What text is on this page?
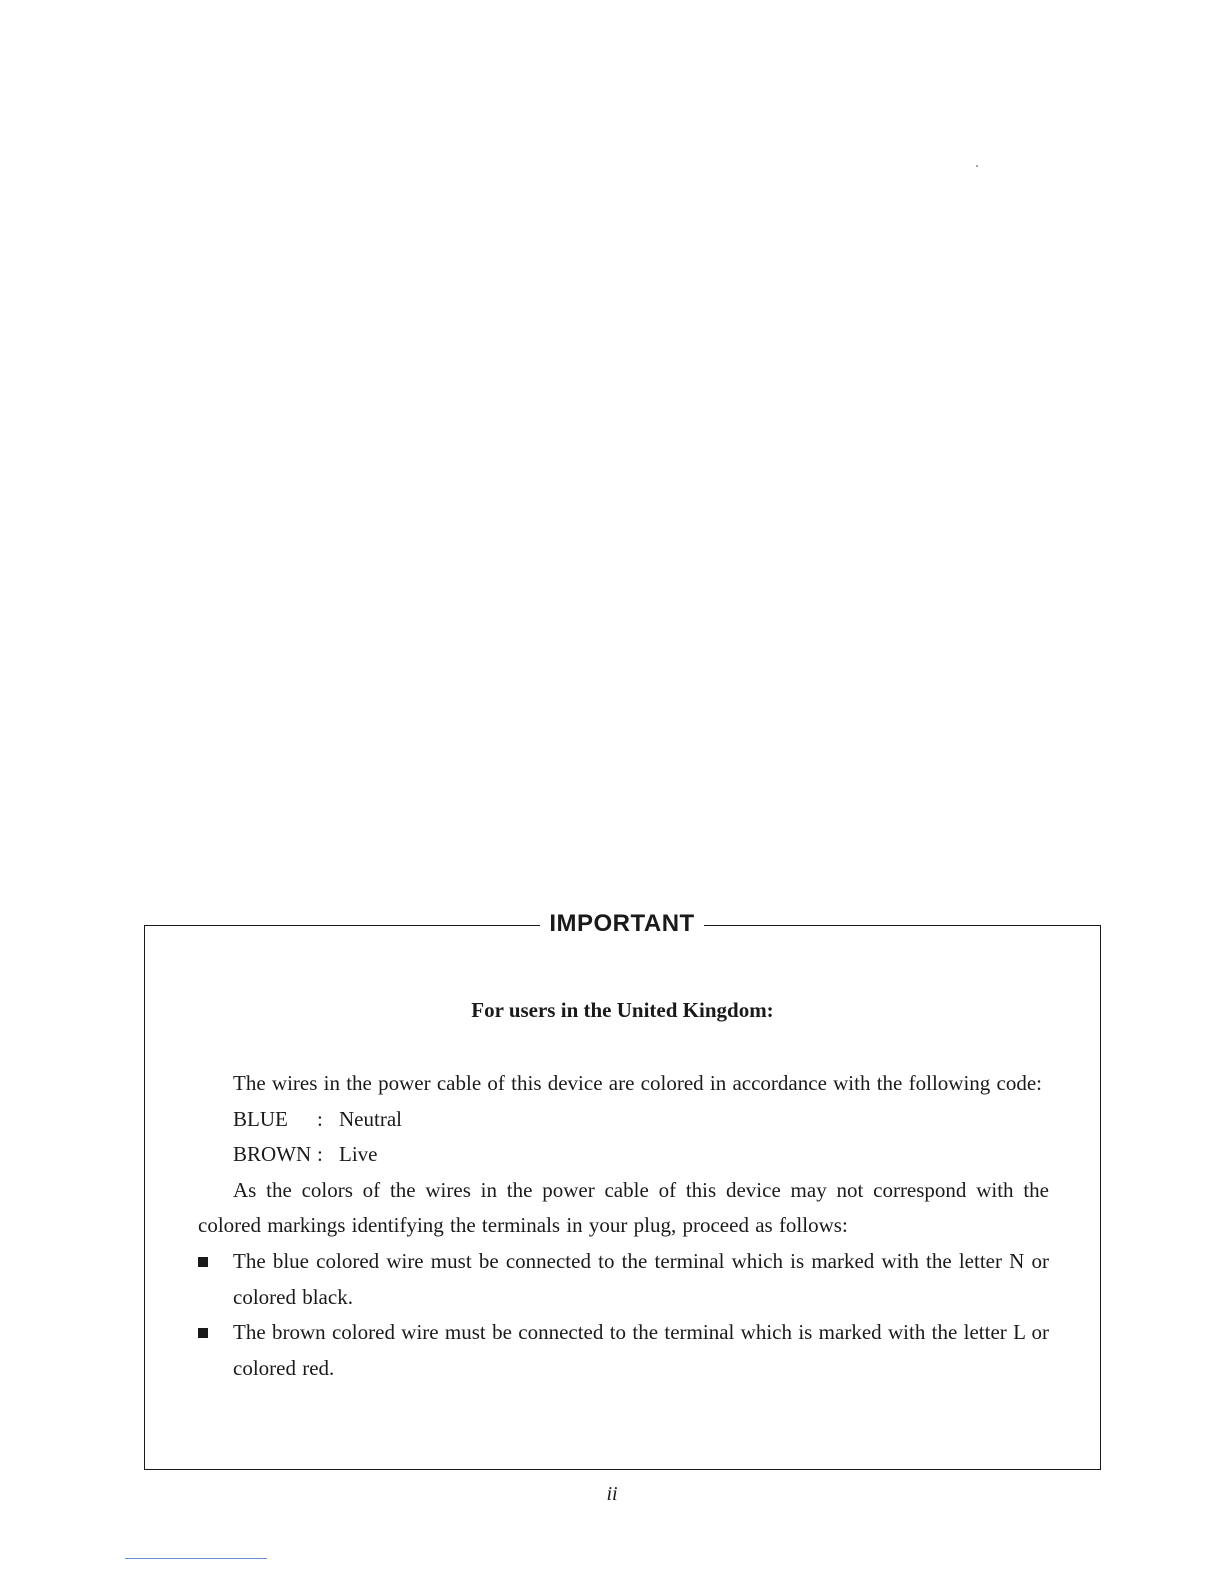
IMPORTANT
For users in the United Kingdom:

The wires in the power cable of this device are colored in accordance with the following code:

BLUE : Neutral
BROWN : Live

As the colors of the wires in the power cable of this device may not correspond with the colored markings identifying the terminals in your plug, proceed as follows:

The blue colored wire must be connected to the terminal which is marked with the letter N or colored black.
The brown colored wire must be connected to the terminal which is marked with the letter L or colored red.
ii
